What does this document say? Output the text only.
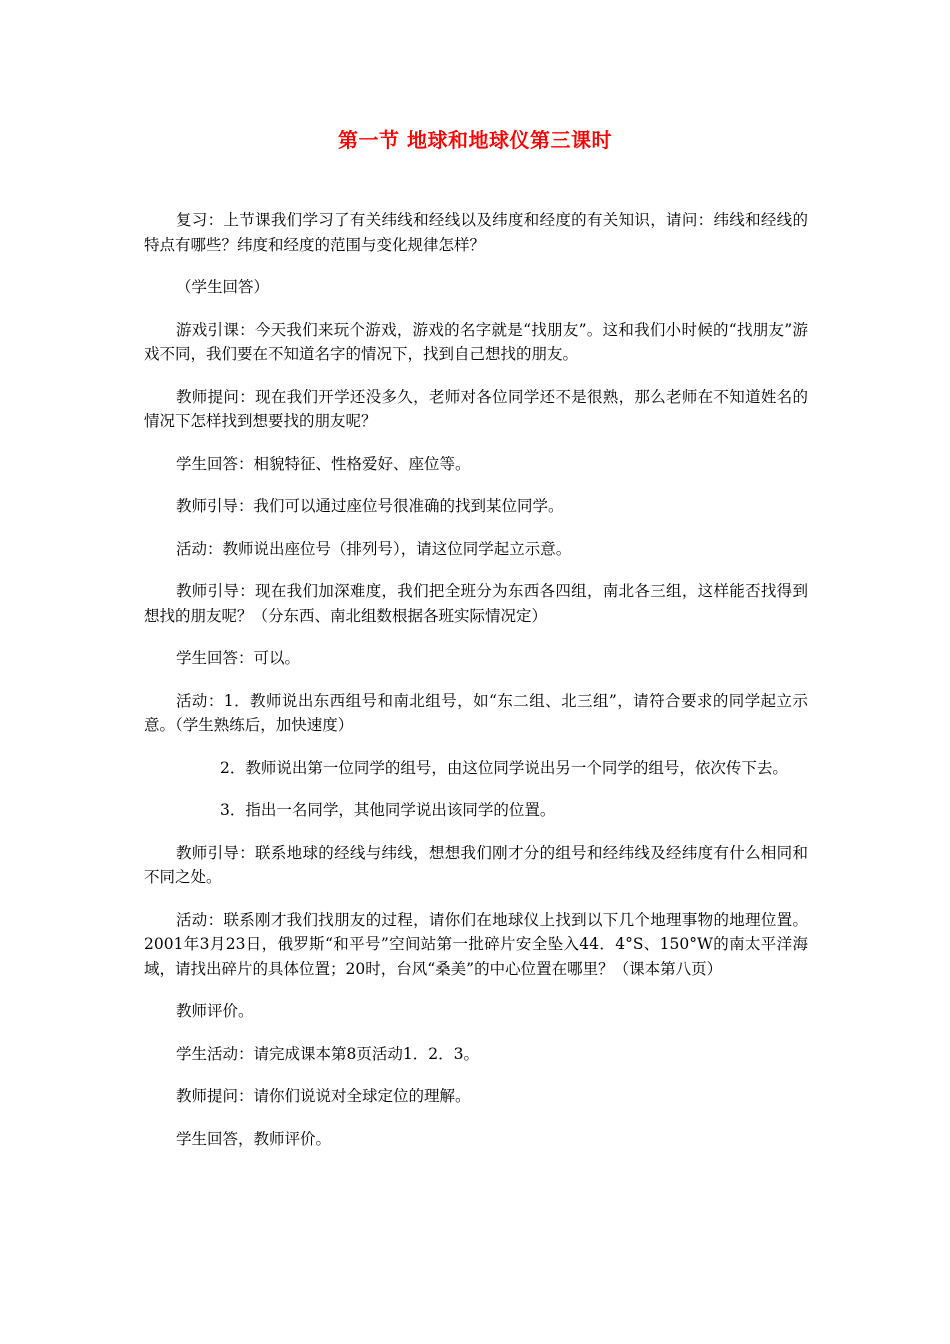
第一节 地球和地球仪第三课时

复习：上节课我们学习了有关纬线和经线以及纬度和经度的有关知识，请问：纬线和经线的特点有哪些？纬度和经度的范围与变化规律怎样？

（学生回答）

游戏引课：今天我们来玩个游戏，游戏的名字就是“找朋友”。这和我们小时候的“找朋友”游戏不同，我们要在不知道名字的情况下，找到自己想找的朋友。

教师提问：现在我们开学还没多久，老师对各位同学还不是很熟，那么老师在不知道姓名的情况下怎样找到想要找的朋友呢？

学生回答：相貌特征、性格爱好、座位等。

教师引导：我们可以通过座位号很准确的找到某位同学。

活动：教师说出座位号（排列号），请这位同学起立示意。

教师引导：现在我们加深难度，我们把全班分为东西各四组，南北各三组，这样能否找得到想找的朋友呢？（分东西、南北组数根据各班实际情况定）

学生回答：可以。

活动：1．教师说出东西组号和南北组号，如“东二组、北三组”，请符合要求的同学起立示意。（学生熟练后，加快速度）

2．教师说出第一位同学的组号，由这位同学说出另一个同学的组号，依次传下去。

3．指出一名同学，其他同学说出该同学的位置。

教师引导：联系地球的经线与纬线，想想我们刚才分的组号和经纬线及经纬度有什么相同和不同之处。

活动：联系刚才我们找朋友的过程，请你们在地球仪上找到以下几个地理事物的地理位置。2001年3月23日，俄罗斯“和平号”空间站第一批碎片安全坠入44．4°S、150°W的南太平洋海域，请找出碎片的具体位置；20时，台风“桑美”的中心位置在哪里？（课本第八页）

教师评价。

学生活动：请完成课本第8页活动1．2．3。

教师提问：请你们说说对全球定位的理解。

学生回答，教师评价。
